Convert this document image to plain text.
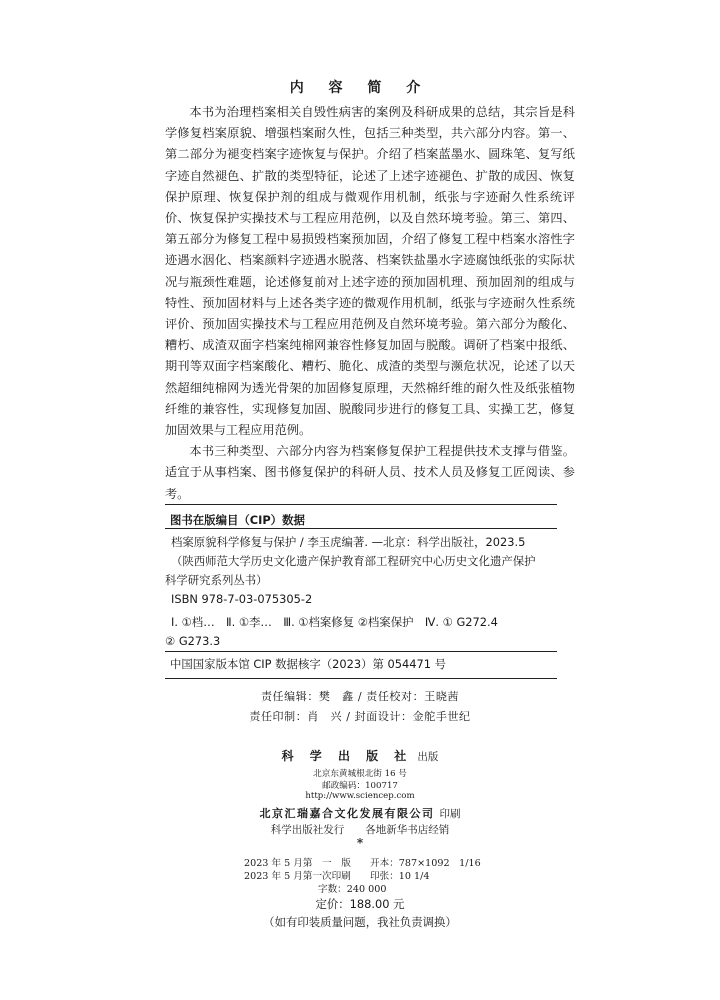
内 容 简 介

本书为治理档案相关自毁性病害的案例及科研成果的总结，其宗旨是科学修复档案原貌、增强档案耐久性，包括三种类型，共六部分内容。第一、第二部分为褪变档案字迹恢复与保护。介绍了档案蓝墨水、圆珠笔、复写纸字迹自然褪色、扩散的类型特征，论述了上述字迹褪色、扩散的成因、恢复保护原理、恢复保护剂的组成与微观作用机制，纸张与字迹耐久性系统评价、恢复保护实操技术与工程应用范例，以及自然环境考验。第三、第四、第五部分为修复工程中易损毁档案预加固，介绍了修复工程中档案水溶性字迹遇水洇化、档案颜料字迹遇水脱落、档案铁盐墨水字迹腐蚀纸张的实际状况与瓶颈性难题，论述修复前对上述字迹的预加固机理、预加固剂的组成与特性、预加固材料与上述各类字迹的微观作用机制，纸张与字迹耐久性系统评价、预加固实操技术与工程应用范例及自然环境考验。第六部分为酸化、糟朽、成渣双面字档案纯棉网兼容性修复加固与脱酸。调研了档案中报纸、期刊等双面字档案酸化、糟朽、脆化、成渣的类型与濒危状况，论述了以天然超细纯棉网为透光骨架的加固修复原理，天然棉纤维的耐久性及纸张植物纤维的兼容性，实现修复加固、脱酸同步进行的修复工具、实操工艺，修复加固效果与工程应用范例。

本书三种类型、六部分内容为档案修复保护工程提供技术支撑与借鉴。适宜于从事档案、图书修复保护的科研人员、技术人员及修复工匠阅读、参考。

图书在版编目（CIP）数据
档案原貌科学修复与保护 / 李玉虎编著. —北京：科学出版社，2023.5
（陕西师范大学历史文化遗产保护教育部工程研究中心历史文化遗产保护
科学研究系列丛书）
ISBN 978-7-03-075305-2
Ⅰ. ①档…　Ⅱ. ①李…　Ⅲ. ①档案修复 ②档案保护　Ⅳ. ① G272.4
② G273.3
中国国家版本馆 CIP 数据核字（2023）第 054471 号
责任编辑：樊　鑫 / 责任校对：王晓茜
责任印制：肖　兴 / 封面设计：金舵手世纪
科 学 出 版 社 出版
北京东黄城根北街 16 号
邮政编码：100717
http://www.sciencep.com
北京汇瑞嘉合文化发展有限公司 印刷
科学出版社发行　　各地新华书店经销
*
2023 年 5 月第　一　版　　开本：787×1092　1/16
2023 年 5 月第一次印刷　　印张：10 1/4
字数：240 000
定价：188.00 元
（如有印装质量问题，我社负责调换）
